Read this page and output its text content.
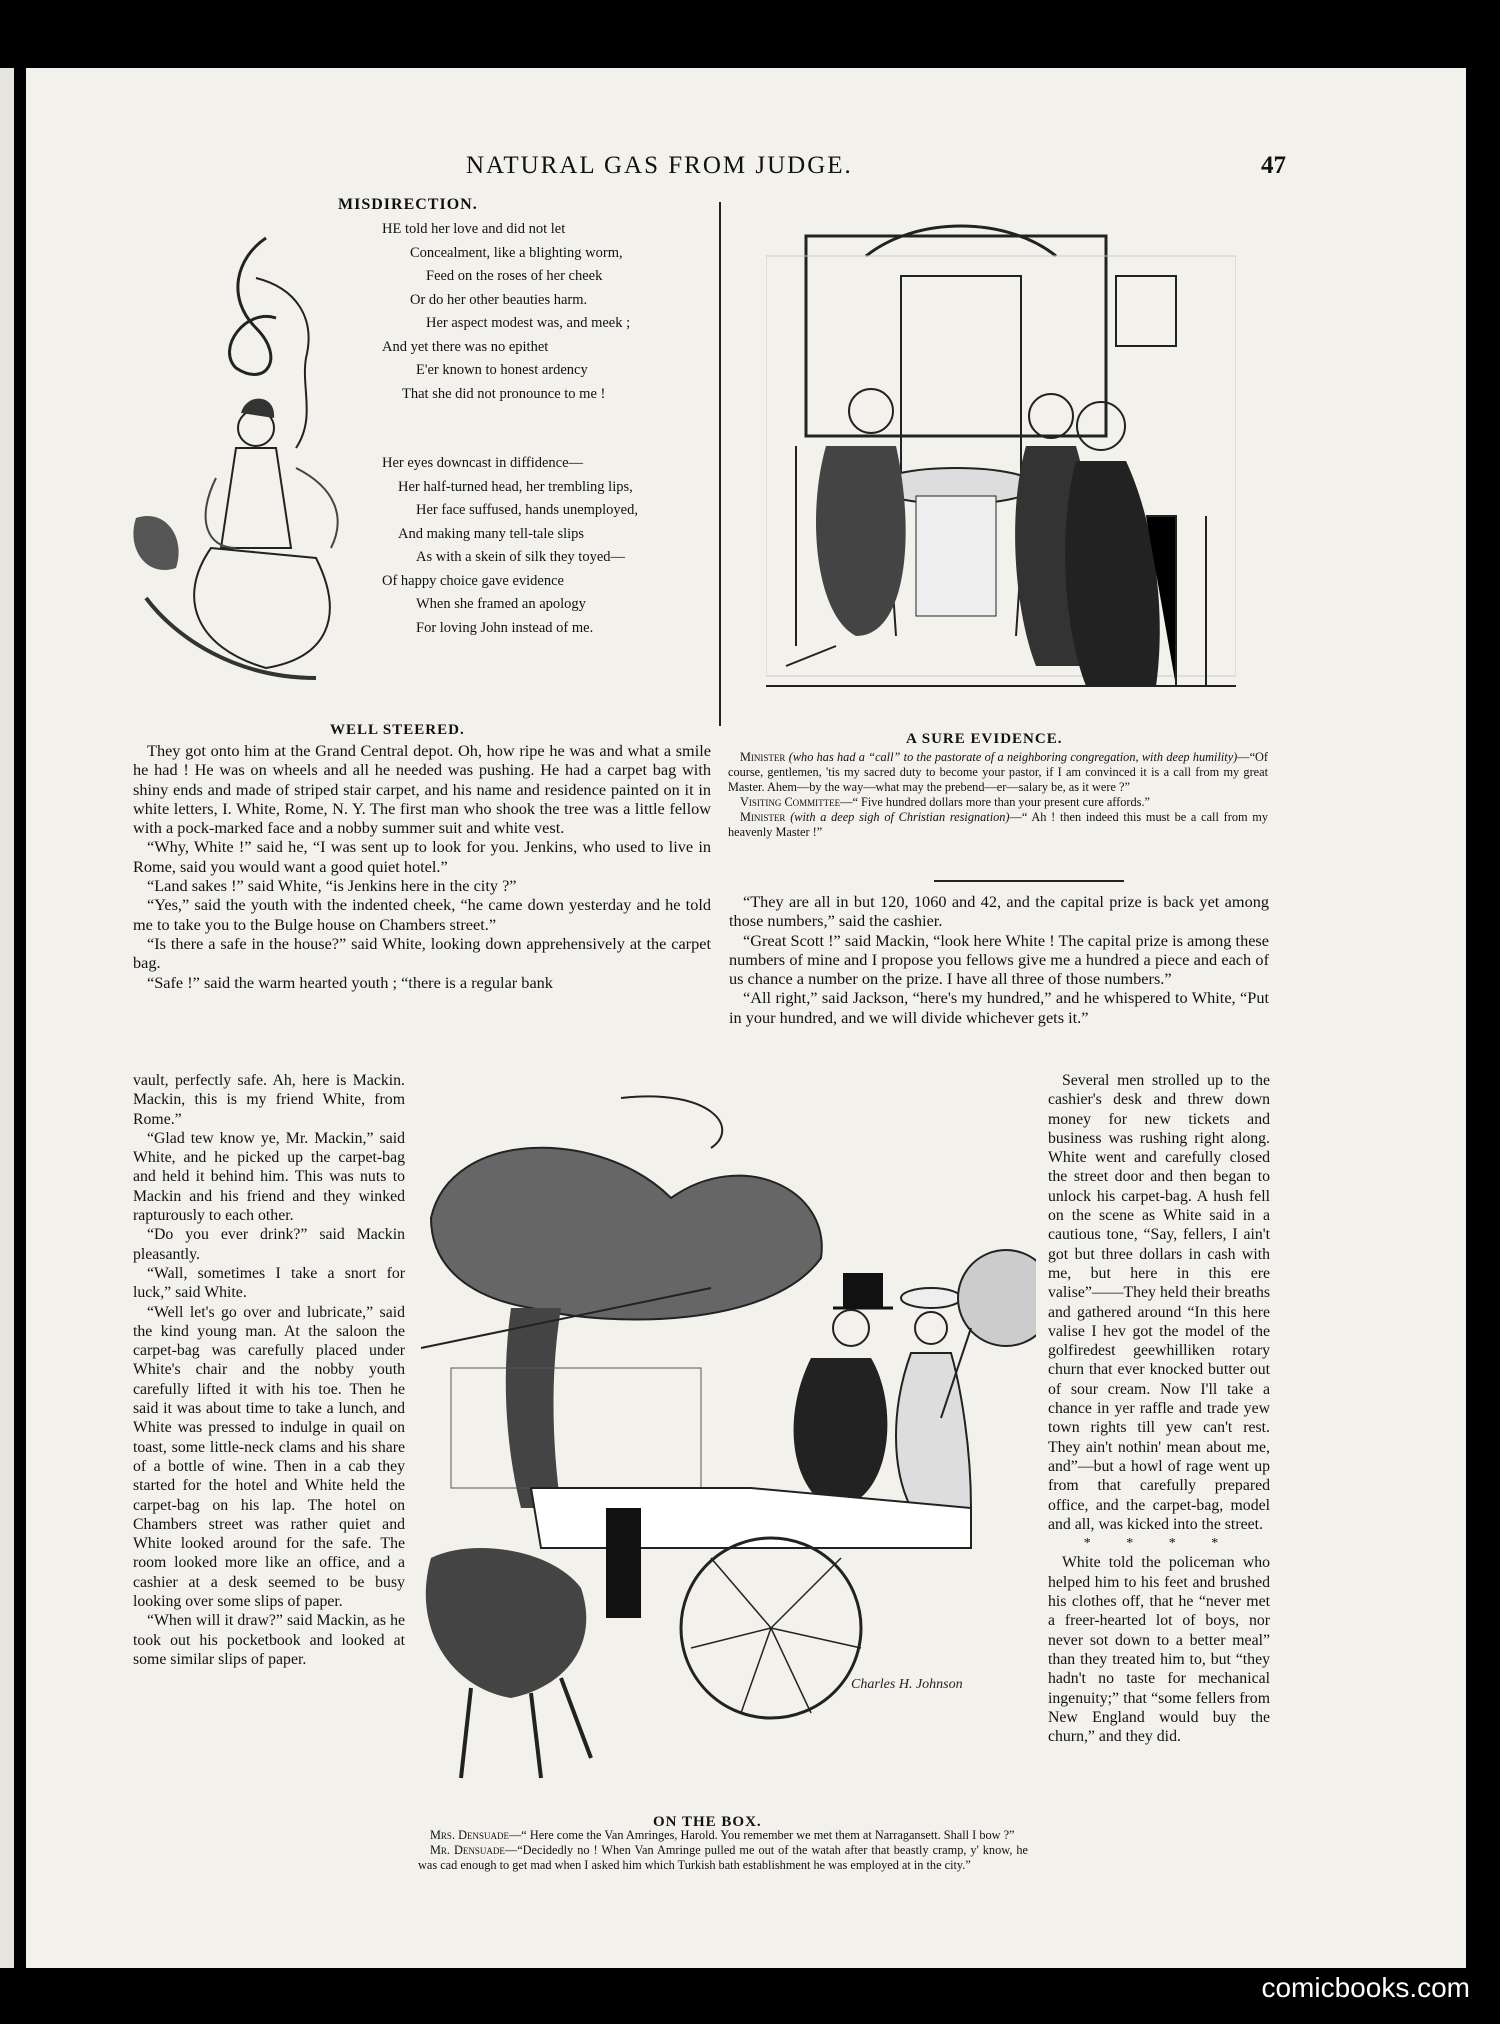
NATURAL GAS FROM JUDGE.	47
MISDIRECTION.

HE told her love and did not let

Concealment, like a blighting worm,

Feed on the roses of her cheek

Or do her other beauties harm.

Her aspect modest was, and meek ;

And yet there was no epithet

E'er known to honest ardency

That she did not pronounce to me !

Her eyes downcast in diffidence—

Her half-turned head, her trembling lips,

Her face suffused, hands unemployed,

And making many tell-tale slips

As with a skein of silk they toyed—

Of happy choice gave evidence

When she framed an apology

For loving John instead of me.

A SURE EVIDENCE.

Minister (who has had a “call” to the pastorate of a neighboring congregation, with deep humility)—“Of course, gentlemen, 'tis my sacred duty to become your pastor, if I am convinced it is a call from my great Master. Ahem—by the way—what may the prebend—er—salary be, as it were ?”

Visiting Committee—“ Five hundred dollars more than your present cure affords.”

Minister (with a deep sigh of Christian resignation)—“ Ah ! then indeed this must be a call from my heavenly Master !”

WELL STEERED.

They got onto him at the Grand Central depot. Oh, how ripe he was and what a smile he had ! He was on wheels and all he needed was pushing. He had a carpet bag with shiny ends and made of striped stair carpet, and his name and residence painted on it in white letters, I. White, Rome, N. Y. The first man who shook the tree was a little fellow with a pock-marked face and a nobby summer suit and white vest.

“Why, White !” said he, “I was sent up to look for you. Jenkins, who used to live in Rome, said you would want a good quiet hotel.”

“Land sakes !” said White, “is Jenkins here in the city ?”

“Yes,” said the youth with the indented cheek, “he came down yesterday and he told me to take you to the Bulge house on Chambers street.”

“Is there a safe in the house?” said White, looking down apprehensively at the carpet bag.

“Safe !” said the warm hearted youth ; “there is a regular bank

vault, perfectly safe. Ah, here is Mackin. Mackin, this is my friend White, from Rome.”

“Glad tew know ye, Mr. Mackin,” said White, and he picked up the carpet-bag and held it behind him. This was nuts to Mackin and his friend and they winked rapturously to each other.

“Do you ever drink?” said Mackin pleasantly.

“Wall, sometimes I take a snort for luck,” said White.

“Well let's go over and lubricate,” said the kind young man. At the saloon the carpet-bag was carefully placed under White's chair and the nobby youth carefully lifted it with his toe. Then he said it was about time to take a lunch, and White was pressed to indulge in quail on toast, some little-neck clams and his share of a bottle of wine. Then in a cab they started for the hotel and White held the carpet-bag on his lap. The hotel on Chambers street was rather quiet and White looked around for the safe. The room looked more like an office, and a cashier at a desk seemed to be busy looking over some slips of paper.

“When will it draw?” said Mackin, as he took out his pocketbook and looked at some similar slips of paper.

“They are all in but 120, 1060 and 42, and the capital prize is back yet among those numbers,” said the cashier.

“Great Scott !” said Mackin, “look here White ! The capital prize is among these numbers of mine and I propose you fellows give me a hundred a piece and each of us chance a number on the prize. I have all three of those numbers.”

“All right,” said Jackson, “here's my hundred,” and he whispered to White, “Put in your hundred, and we will divide whichever gets it.”

Several men strolled up to the cashier's desk and threw down money for new tickets and business was rushing right along. White went and carefully closed the street door and then began to unlock his carpet-bag. A hush fell on the scene as White said in a cautious tone, “Say, fellers, I ain't got but three dollars in cash with me, but here in this ere valise”——They held their breaths and gathered around “In this here valise I hev got the model of the golfiredest geewhilliken rotary churn that ever knocked butter out of sour cream. Now I'll take a chance in yer raffle and trade yew town rights till yew can't rest. They ain't nothin' mean about me, and”—but a howl of rage went up from that carefully prepared office, and the carpet-bag, model and all, was kicked into the street.

* * * *

White told the policeman who helped him to his feet and brushed his clothes off, that he “never met a freer-hearted lot of boys, nor never sot down to a better meal” than they treated him to, but “they hadn't no taste for mechanical ingenuity;” that “some fellers from New England would buy the churn,” and they did.

Charles H. Johnson
ON THE BOX.

Mrs. Densuade—“ Here come the Van Amringes, Harold. You remember we met them at Narragansett. Shall I bow ?”

Mr. Densuade—“Decidedly no ! When Van Amringe pulled me out of the watah after that beastly cramp, y' know, he was cad enough to get mad when I asked him which Turkish bath establishment he was employed at in the city.”

comicbooks.com
